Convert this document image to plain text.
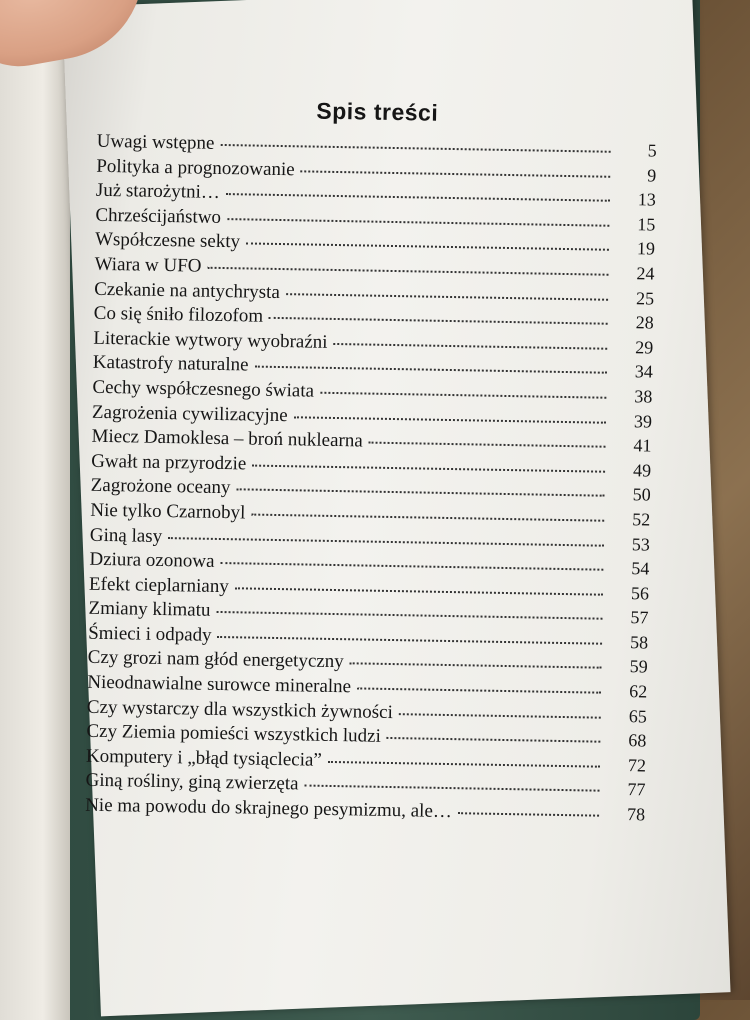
Spis treści
Uwagi wstępne	5
Polityka a prognozowanie	9
Już starożytni…	13
Chrześcijaństwo	15
Współczesne sekty	19
Wiara w UFO	24
Czekanie na antychrysta	25
Co się śniło filozofom	28
Literackie wytwory wyobraźni	29
Katastrofy naturalne	34
Cechy współczesnego świata	38
Zagrożenia cywilizacyjne	39
Miecz Damoklesa – broń nuklearna	41
Gwałt na przyrodzie	49
Zagrożone oceany	50
Nie tylko Czarnobyl	52
Giną lasy	53
Dziura ozonowa	54
Efekt cieplarniany	56
Zmiany klimatu	57
Śmieci i odpady	58
Czy grozi nam głód energetyczny	59
Nieodnawialne surowce mineralne	62
Czy wystarczy dla wszystkich żywności	65
Czy Ziemia pomieści wszystkich ludzi	68
Komputery i „błąd tysiąclecia”	72
Giną rośliny, giną zwierzęta	77
Nie ma powodu do skrajnego pesymizmu, ale…	78
